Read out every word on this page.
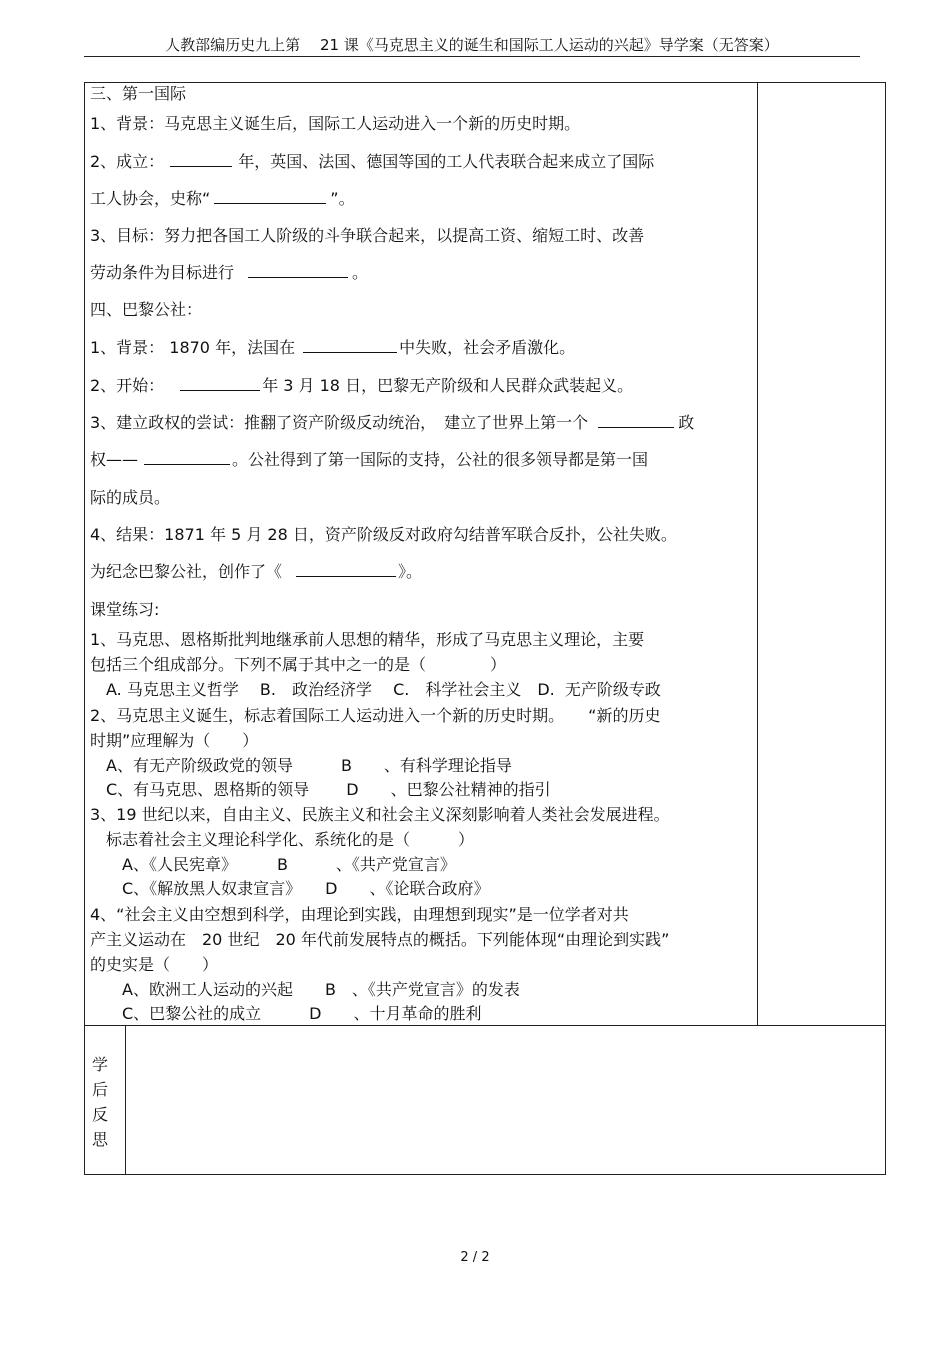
人教部编历史九上第　 21 课《马克思主义的诞生和国际工人运动的兴起》导学案（无答案）
三、第一国际
1、背景：马克思主义诞生后，国际工人运动进入一个新的历史时期。
2、成立：	年，英国、法国、德国等国的工人代表联合起来成立了国际
工人协会，史称“	”。
3、目标：努力把各国工人阶级的斗争联合起来，以提高工资、缩短工时、改善
劳动条件为目标进行	。
四、巴黎公社：
1、背景： 1870 年，法国在	中失败，社会矛盾激化。
2、开始：	年 3 月 18 日，巴黎无产阶级和人民群众武装起义。
3、建立政权的尝试：推翻了资产阶级反动统治，　建立了世界上第一个	政
权——	。公社得到了第一国际的支持，公社的很多领导都是第一国
际的成员。
4、结果：1871 年 5 月 28 日，资产阶级反对政府勾结普军联合反扑，公社失败。
为纪念巴黎公社，创作了《	》。
课堂练习:
1、马克思、恩格斯批判地继承前人思想的精华，形成了马克思主义理论，主要
包括三个组成部分。下列不属于其中之一的是（　　　　）
　A. 马克思主义哲学　 B.　政治经济学　 C.　科学社会主义　D.  无产阶级专政
2、马克思主义诞生，标志着国际工人运动进入一个新的历史时期。　　“新的历史
时期”应理解为（　　）
　A、有无产阶级政党的领导　　　B　　、有科学理论指导
　C、有马克思、恩格斯的领导　　 D　　、巴黎公社精神的指引
3、19 世纪以来，自由主义、民族主义和社会主义深刻影响着人类社会发展进程。
　标志着社会主义理论科学化、系统化的是（　　　）
　　A、《人民宪章》　　　B　　　、《共产党宣言》
　　C、《解放黑人奴隶宣言》　　D　　、《论联合政府》
4、“社会主义由空想到科学，由理论到实践，由理想到现实”是一位学者对共
产主义运动在　20 世纪　20 年代前发展特点的概括。下列能体现“由理论到实践”
的史实是（　　）
　　A、欧洲工人运动的兴起　　B　、《共产党宣言》的发表
　　C、巴黎公社的成立　　　D　　、十月革命的胜利
学
后
反
思
2 / 2
